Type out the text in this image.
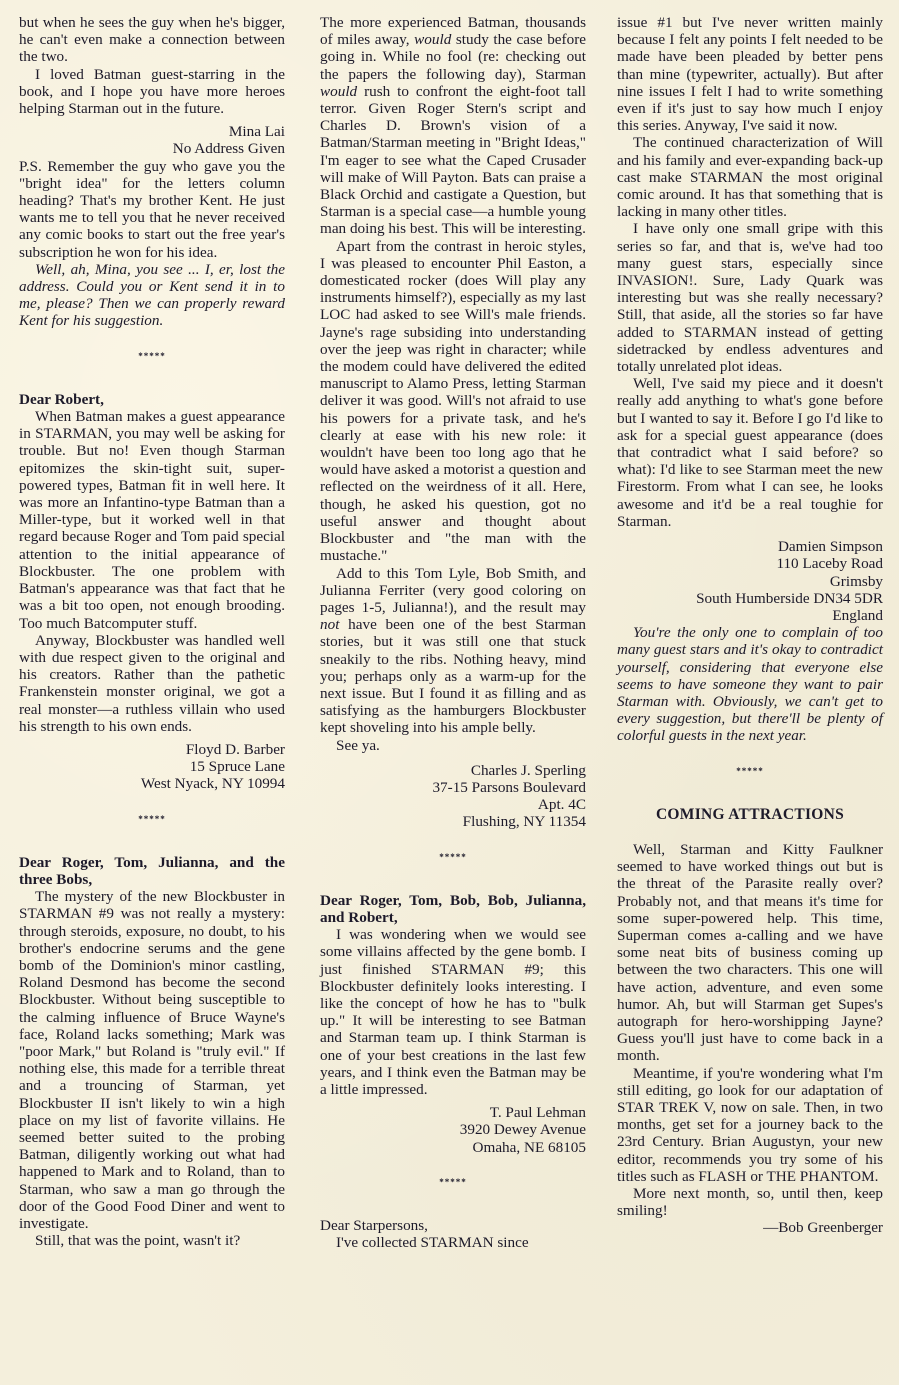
but when he sees the guy when he's bigger, he can't even make a connection between the two.

I loved Batman guest-starring in the book, and I hope you have more heroes helping Starman out in the future.

Mina Lai
No Address Given

P.S. Remember the guy who gave you the "bright idea" for the letters column heading? That's my brother Kent. He just wants me to tell you that he never received any comic books to start out the free year's subscription he won for his idea.

Well, ah, Mina, you see ... I, er, lost the address. Could you or Kent send it in to me, please? Then we can properly reward Kent for his suggestion.

*****

Dear Robert,

When Batman makes a guest appearance in STARMAN, you may well be asking for trouble. But no! Even though Starman epitomizes the skin-tight suit, super-powered types, Batman fit in well here. It was more an Infantino-type Batman than a Miller-type, but it worked well in that regard because Roger and Tom paid special attention to the initial appearance of Blockbuster. The one problem with Batman's appearance was that fact that he was a bit too open, not enough brooding. Too much Batcomputer stuff.

Anyway, Blockbuster was handled well with due respect given to the original and his creators. Rather than the pathetic Frankenstein monster original, we got a real monster—a ruthless villain who used his strength to his own ends.

Floyd D. Barber
15 Spruce Lane
West Nyack, NY 10994
*****

Dear Roger, Tom, Julianna, and the three Bobs,

The mystery of the new Blockbuster in STARMAN #9 was not really a mystery: through steroids, exposure, no doubt, to his brother's endocrine serums and the gene bomb of the Dominion's minor castling, Roland Desmond has become the second Blockbuster. Without being susceptible to the calming influence of Bruce Wayne's face, Roland lacks something; Mark was "poor Mark," but Roland is "truly evil." If nothing else, this made for a terrible threat and a trouncing of Starman, yet Blockbuster II isn't likely to win a high place on my list of favorite villains. He seemed better suited to the probing Batman, diligently working out what had happened to Mark and to Roland, than to Starman, who saw a man go through the door of the Good Food Diner and went to investigate.

Still, that was the point, wasn't it?

The more experienced Batman, thousands of miles away, would study the case before going in. While no fool (re: checking out the papers the following day), Starman would rush to confront the eight-foot tall terror. Given Roger Stern's script and Charles D. Brown's vision of a Batman/Starman meeting in "Bright Ideas," I'm eager to see what the Caped Crusader will make of Will Payton. Bats can praise a Black Orchid and castigate a Question, but Starman is a special case—a humble young man doing his best. This will be interesting.

Apart from the contrast in heroic styles, I was pleased to encounter Phil Easton, a domesticated rocker (does Will play any instruments himself?), especially as my last LOC had asked to see Will's male friends. Jayne's rage subsiding into understanding over the jeep was right in character; while the modem could have delivered the edited manuscript to Alamo Press, letting Starman deliver it was good. Will's not afraid to use his powers for a private task, and he's clearly at ease with his new role: it wouldn't have been too long ago that he would have asked a motorist a question and reflected on the weirdness of it all. Here, though, he asked his question, got no useful answer and thought about Blockbuster and "the man with the mustache."

Add to this Tom Lyle, Bob Smith, and Julianna Ferriter (very good coloring on pages 1-5, Julianna!), and the result may not have been one of the best Starman stories, but it was still one that stuck sneakily to the ribs. Nothing heavy, mind you; perhaps only as a warm-up for the next issue. But I found it as filling and as satisfying as the hamburgers Blockbuster kept shoveling into his ample belly.

See ya.

Charles J. Sperling
37-15 Parsons Boulevard
Apt. 4C
Flushing, NY 11354
*****

Dear Roger, Tom, Bob, Bob, Julianna, and Robert,

I was wondering when we would see some villains affected by the gene bomb. I just finished STARMAN #9; this Blockbuster definitely looks interesting. I like the concept of how he has to "bulk up." It will be interesting to see Batman and Starman team up. I think Starman is one of your best creations in the last few years, and I think even the Batman may be a little impressed.

T. Paul Lehman
3920 Dewey Avenue
Omaha, NE 68105
*****

Dear Starpersons,

I've collected STARMAN since

issue #1 but I've never written mainly because I felt any points I felt needed to be made have been pleaded by better pens than mine (typewriter, actually). But after nine issues I felt I had to write something even if it's just to say how much I enjoy this series. Anyway, I've said it now.

The continued characterization of Will and his family and ever-expanding back-up cast make STARMAN the most original comic around. It has that something that is lacking in many other titles.

I have only one small gripe with this series so far, and that is, we've had too many guest stars, especially since INVASION!. Sure, Lady Quark was interesting but was she really necessary? Still, that aside, all the stories so far have added to STARMAN instead of getting sidetracked by endless adventures and totally unrelated plot ideas.

Well, I've said my piece and it doesn't really add anything to what's gone before but I wanted to say it. Before I go I'd like to ask for a special guest appearance (does that contradict what I said before? so what): I'd like to see Starman meet the new Firestorm. From what I can see, he looks awesome and it'd be a real toughie for Starman.

Damien Simpson
110 Laceby Road
Grimsby
South Humberside DN34 5DR
England

You're the only one to complain of too many guest stars and it's okay to contradict yourself, considering that everyone else seems to have someone they want to pair Starman with. Obviously, we can't get to every suggestion, but there'll be plenty of colorful guests in the next year.

*****
COMING ATTRACTIONS

Well, Starman and Kitty Faulkner seemed to have worked things out but is the threat of the Parasite really over? Probably not, and that means it's time for some super-powered help. This time, Superman comes a-calling and we have some neat bits of business coming up between the two characters. This one will have action, adventure, and even some humor. Ah, but will Starman get Supes's autograph for hero-worshipping Jayne? Guess you'll just have to come back in a month.

Meantime, if you're wondering what I'm still editing, go look for our adaptation of STAR TREK V, now on sale. Then, in two months, get set for a journey back to the 23rd Century. Brian Augustyn, your new editor, recommends you try some of his titles such as FLASH or THE PHANTOM.

More next month, so, until then, keep smiling!

—Bob Greenberger
